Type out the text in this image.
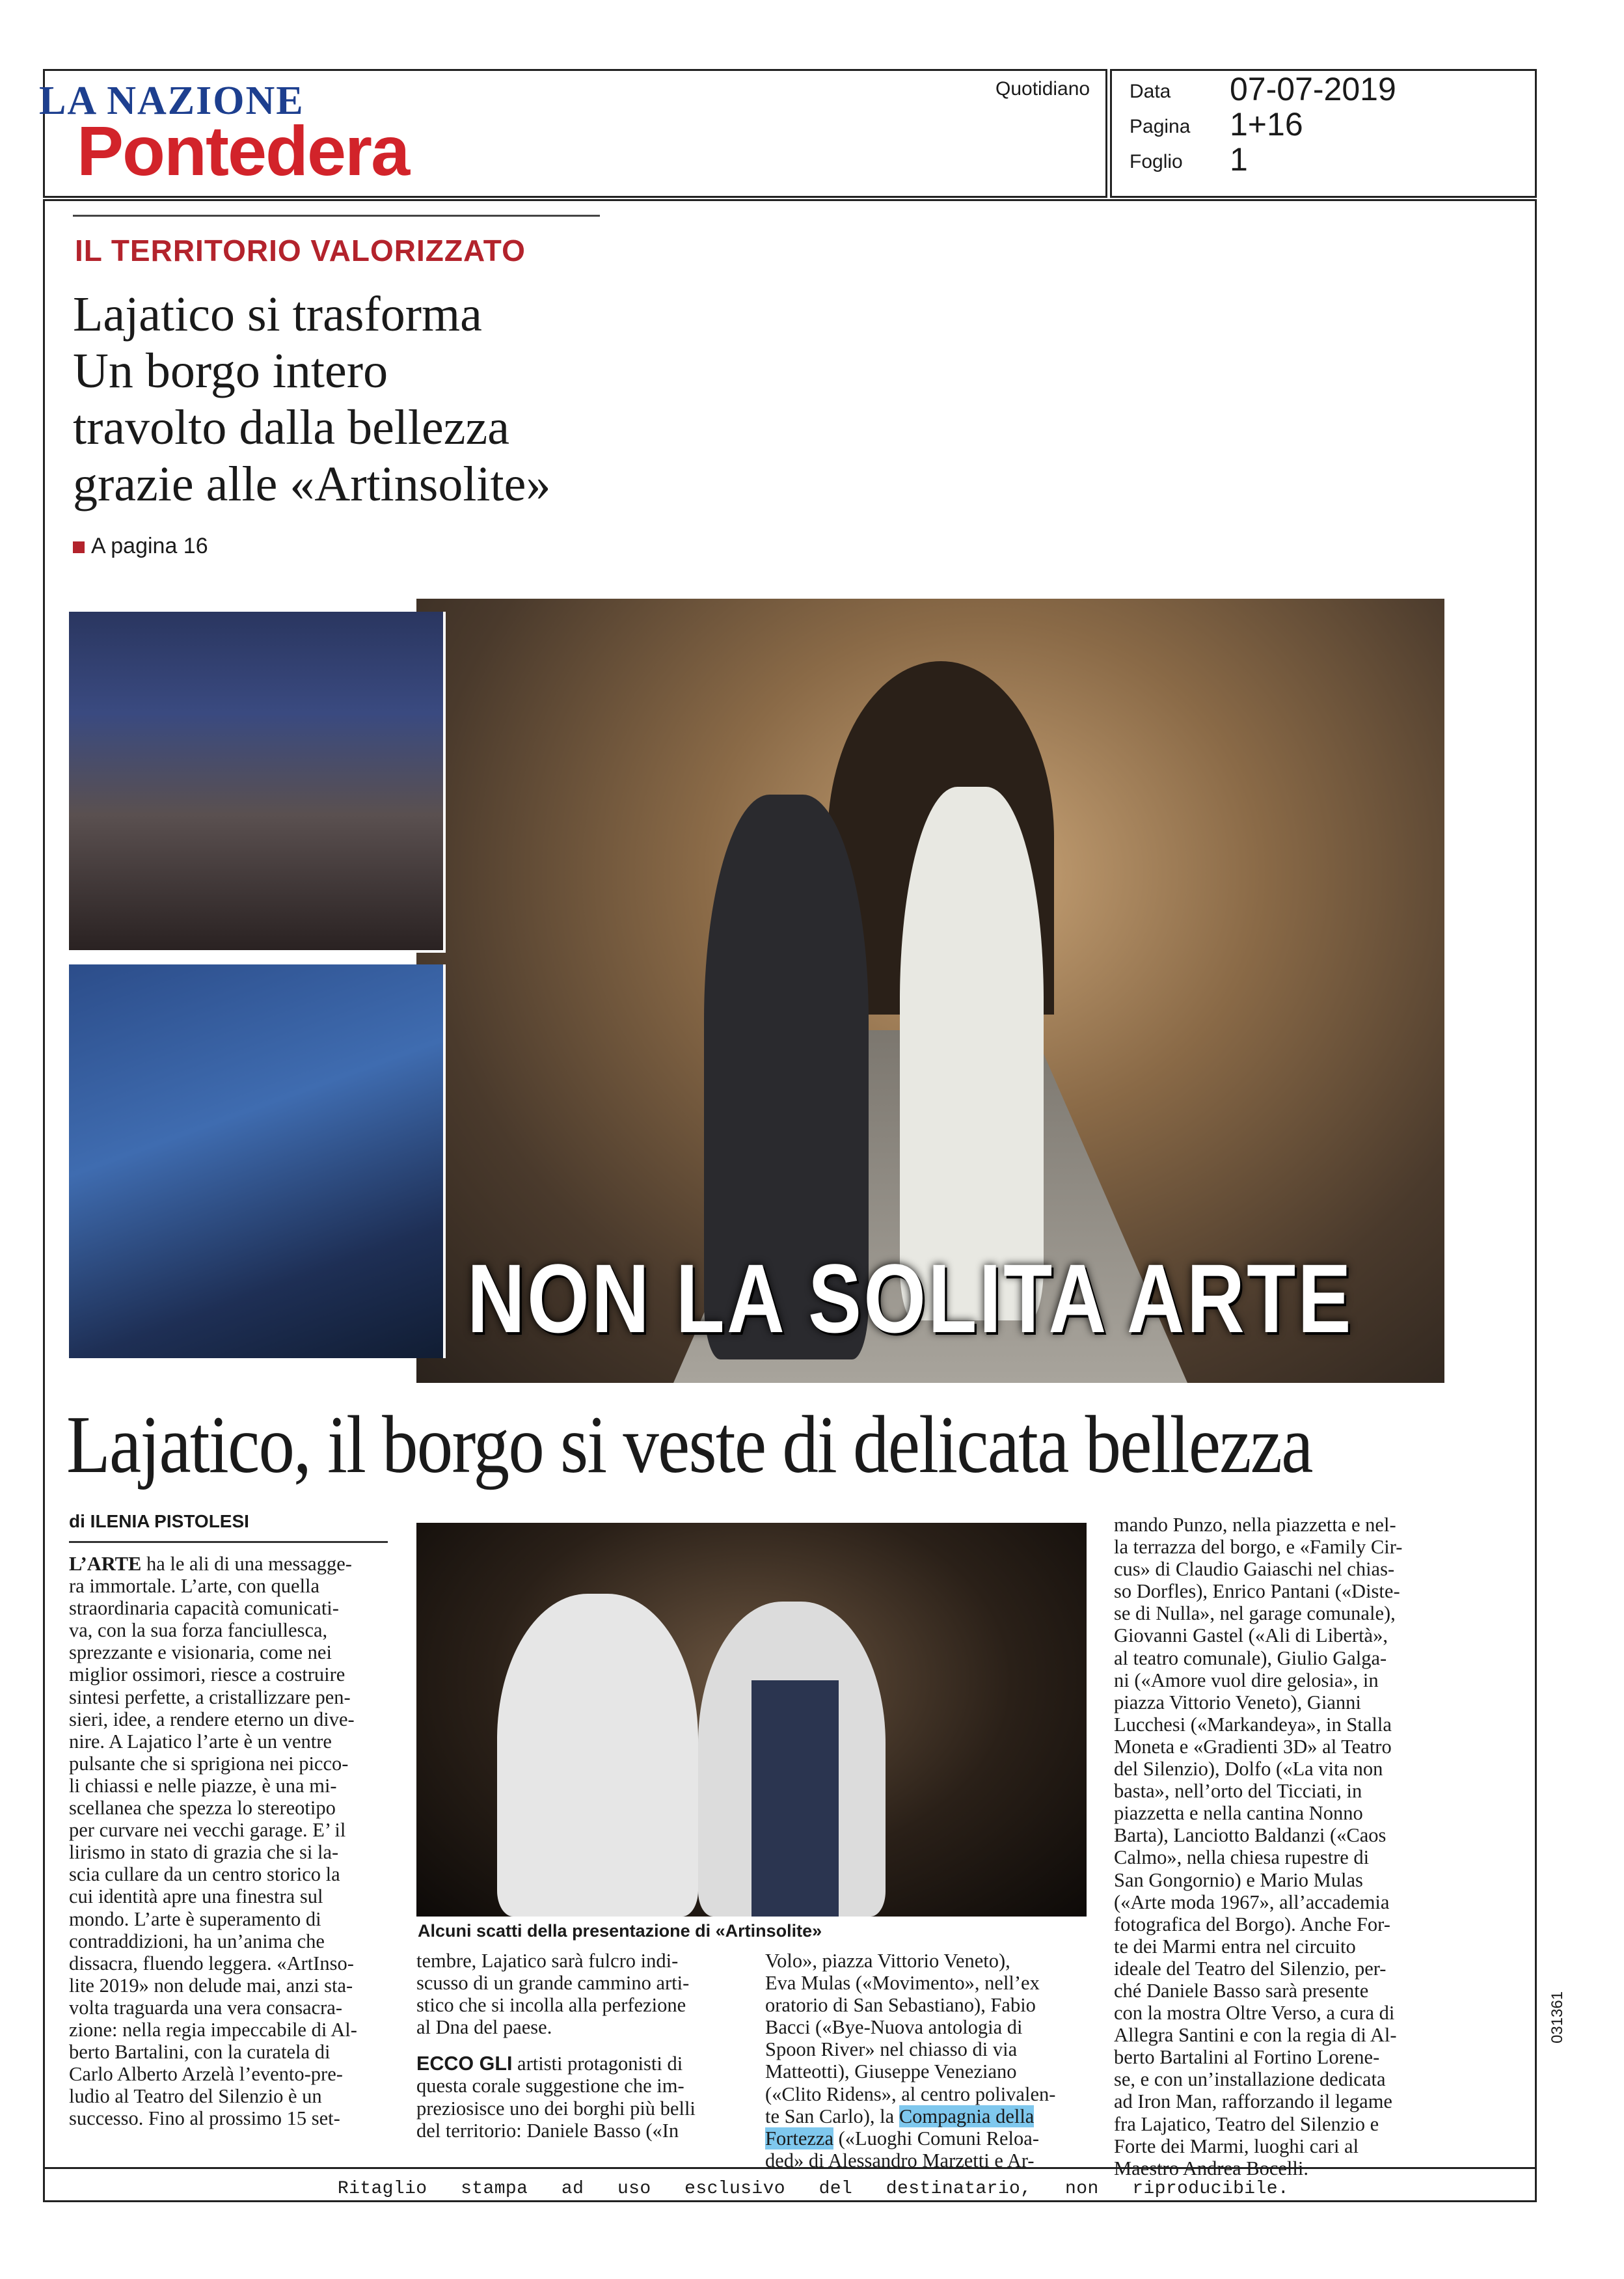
LA NAZIONE
Pontedera
Quotidiano Data 07-07-2019
Pagina 1+16
Foglio 1
IL TERRITORIO VALORIZZATO
Lajatico si trasforma
Un borgo intero
travolto dalla bellezza
grazie alle «Artinsolite»
A pagina 16
NON LA SOLITA ARTE
Lajatico, il borgo si veste di delicata bellezza
di ILENIA PISTOLESI
Alcuni scatti della presentazione di «Artinsolite»
L’ARTE ha le ali di una messagge-
ra immortale. L’arte, con quella
straordinaria capacità comunicati-
va, con la sua forza fanciullesca,
sprezzante e visionaria, come nei
miglior ossimori, riesce a costruire
sintesi perfette, a cristallizzare pen-
sieri, idee, a rendere eterno un dive-
nire. A Lajatico l’arte è un ventre
pulsante che si sprigiona nei picco-
li chiassi e nelle piazze, è una mi-
scellanea che spezza lo stereotipo
per curvare nei vecchi garage. E’ il
lirismo in stato di grazia che si la-
scia cullare da un centro storico la
cui identità apre una finestra sul
mondo. L’arte è superamento di
contraddizioni, ha un’anima che
dissacra, fluendo leggera. «ArtInso-
lite 2019» non delude mai, anzi sta-
volta traguarda una vera consacra-
zione: nella regia impeccabile di Al-
berto Bartalini, con la curatela di
Carlo Alberto Arzelà l’evento-pre-
ludio al Teatro del Silenzio è un
successo. Fino al prossimo 15 set-
tembre, Lajatico sarà fulcro indi-
scusso di un grande cammino arti-
stico che si incolla alla perfezione
al Dna del paese.
ECCO GLI artisti protagonisti di
questa corale suggestione che im-
preziosisce uno dei borghi più belli
del territorio: Daniele Basso («In
Volo», piazza Vittorio Veneto),
Eva Mulas («Movimento», nell’ex
oratorio di San Sebastiano), Fabio
Bacci («Bye-Nuova antologia di
Spoon River» nel chiasso di via
Matteotti), Giuseppe Veneziano
(«Clito Ridens», al centro polivalen-
te San Carlo), la Compagnia della
Fortezza («Luoghi Comuni Reloa-
ded» di Alessandro Marzetti e Ar-
mando Punzo, nella piazzetta e nel-
la terrazza del borgo, e «Family Cir-
cus» di Claudio Gaiaschi nel chias-
so Dorfles), Enrico Pantani («Diste-
se di Nulla», nel garage comunale),
Giovanni Gastel («Ali di Libertà»,
al teatro comunale), Giulio Galga-
ni («Amore vuol dire gelosia», in
piazza Vittorio Veneto), Gianni
Lucchesi («Markandeya», in Stalla
Moneta e «Gradienti 3D» al Teatro
del Silenzio), Dolfo («La vita non
basta», nell’orto del Ticciati, in
piazzetta e nella cantina Nonno
Barta), Lanciotto Baldanzi («Caos
Calmo», nella chiesa rupestre di
San Gongornio) e Mario Mulas
(«Arte moda 1967», all’accademia
fotografica del Borgo). Anche For-
te dei Marmi entra nel circuito
ideale del Teatro del Silenzio, per-
ché Daniele Basso sarà presente
con la mostra Oltre Verso, a cura di
Allegra Santini e con la regia di Al-
berto Bartalini al Fortino Lorene-
se, e con un’installazione dedicata
ad Iron Man, rafforzando il legame
fra Lajatico, Teatro del Silenzio e
Forte dei Marmi, luoghi cari al
Maestro Andrea Bocelli.
Ritaglio   stampa   ad   uso   esclusivo   del   destinatario,   non   riproducibile.
031361
